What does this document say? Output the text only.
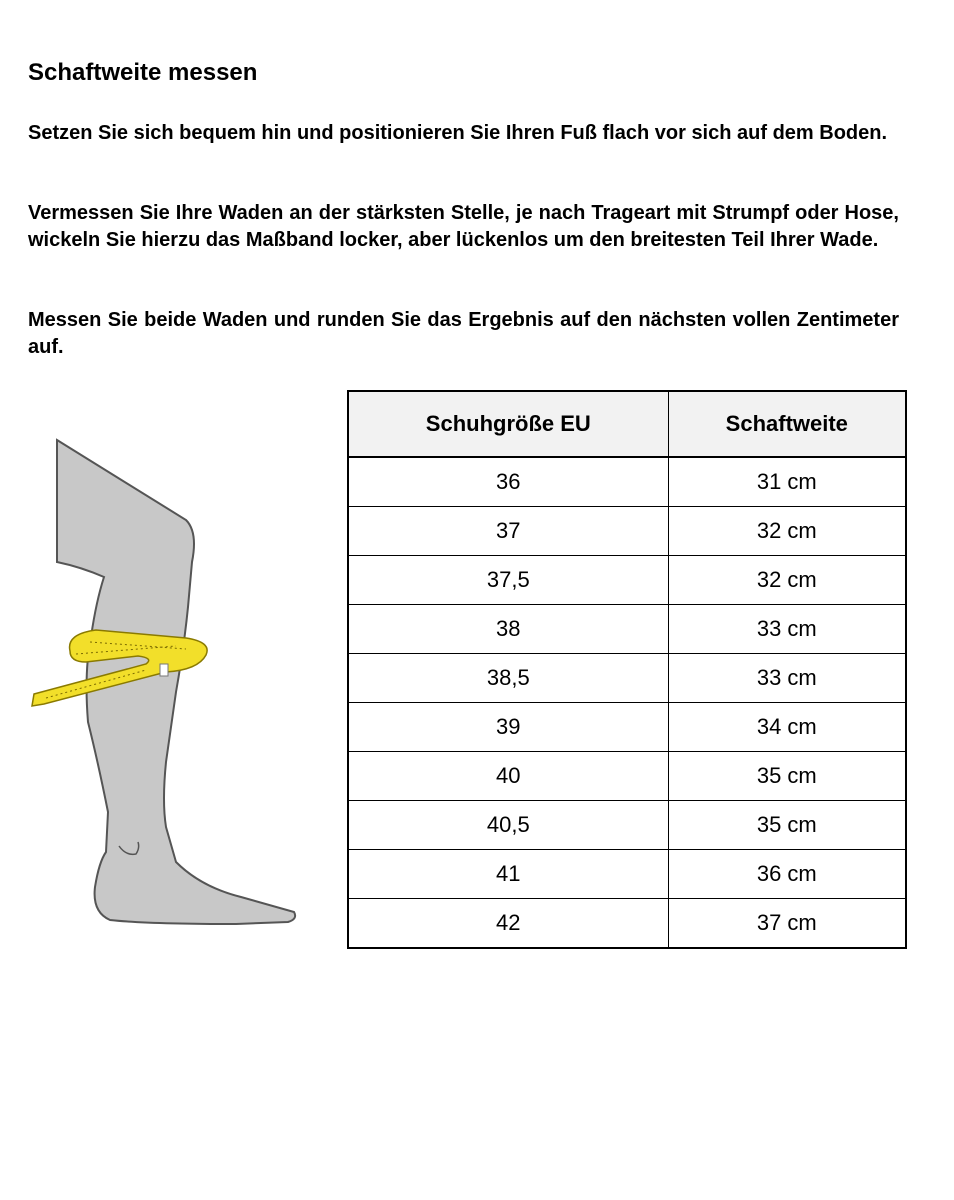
Schaftweite messen

Setzen Sie sich bequem hin und positionieren Sie Ihren Fuß flach vor sich auf dem Boden.

Vermessen Sie Ihre Waden an der stärksten Stelle, je nach Trageart mit Strumpf oder Hose, wickeln Sie hierzu das Maßband locker, aber lückenlos um den breitesten Teil Ihrer Wade.

Messen Sie beide Waden und runden Sie das Ergebnis auf den nächsten vollen Zentimeter auf.

Schuhgröße EU	Schaftweite
36	31 cm
37	32 cm
37,5	32 cm
38	33 cm
38,5	33 cm
39	34 cm
40	35 cm
40,5	35 cm
41	36 cm
42	37 cm
